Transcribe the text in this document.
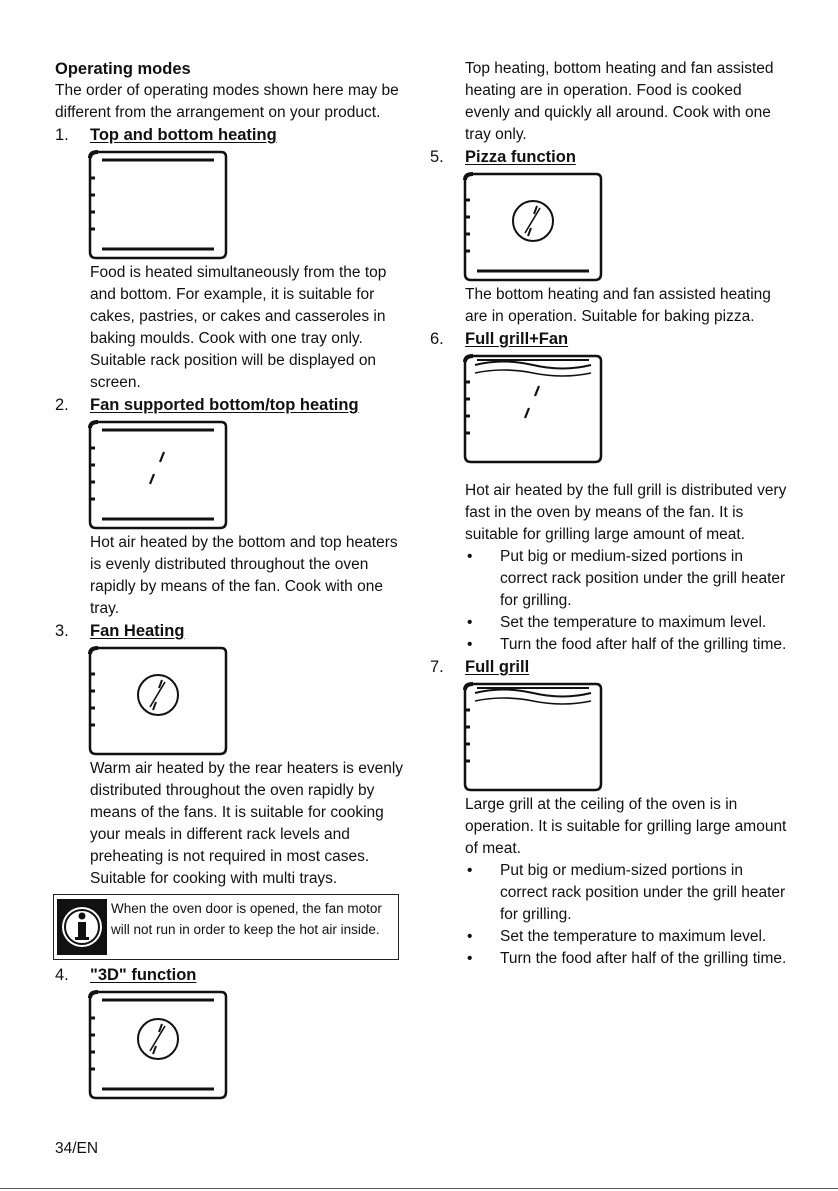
Operating modes
The order of operating modes shown here may be different from the arrangement on your product.
1. Top and bottom heating
Food is heated simultaneously from the top and bottom. For example, it is suitable for cakes, pastries, or cakes and casseroles in baking moulds. Cook with one tray only. Suitable rack position will be displayed on screen.
2. Fan supported bottom/top heating
Hot air heated by the bottom and top heaters is evenly distributed throughout the oven rapidly by means of the fan. Cook with one tray.
3. Fan Heating
Warm air heated by the rear heaters is evenly distributed throughout the oven rapidly by means of the fans. It is suitable for cooking your meals in different rack levels and preheating is not required in most cases. Suitable for cooking with multi trays.
When the oven door is opened, the fan motor will not run in order to keep the hot air inside.
4. "3D" function
Top heating, bottom heating and fan assisted heating are in operation. Food is cooked evenly and quickly all around. Cook with one tray only.
5. Pizza function
The bottom heating and fan assisted heating are in operation. Suitable for baking pizza.
6. Full grill+Fan
Hot air heated by the full grill is distributed very fast in the oven by means of the fan. It is suitable for grilling large amount of meat.
• Put big or medium-sized portions in correct rack position under the grill heater for grilling.
• Set the temperature to maximum level.
• Turn the food after half of the grilling time.
7. Full grill
Large grill at the ceiling of the oven is in operation. It is suitable for grilling large amount of meat.
• Put big or medium-sized portions in correct rack position under the grill heater for grilling.
• Set the temperature to maximum level.
• Turn the food after half of the grilling time.
34/EN
